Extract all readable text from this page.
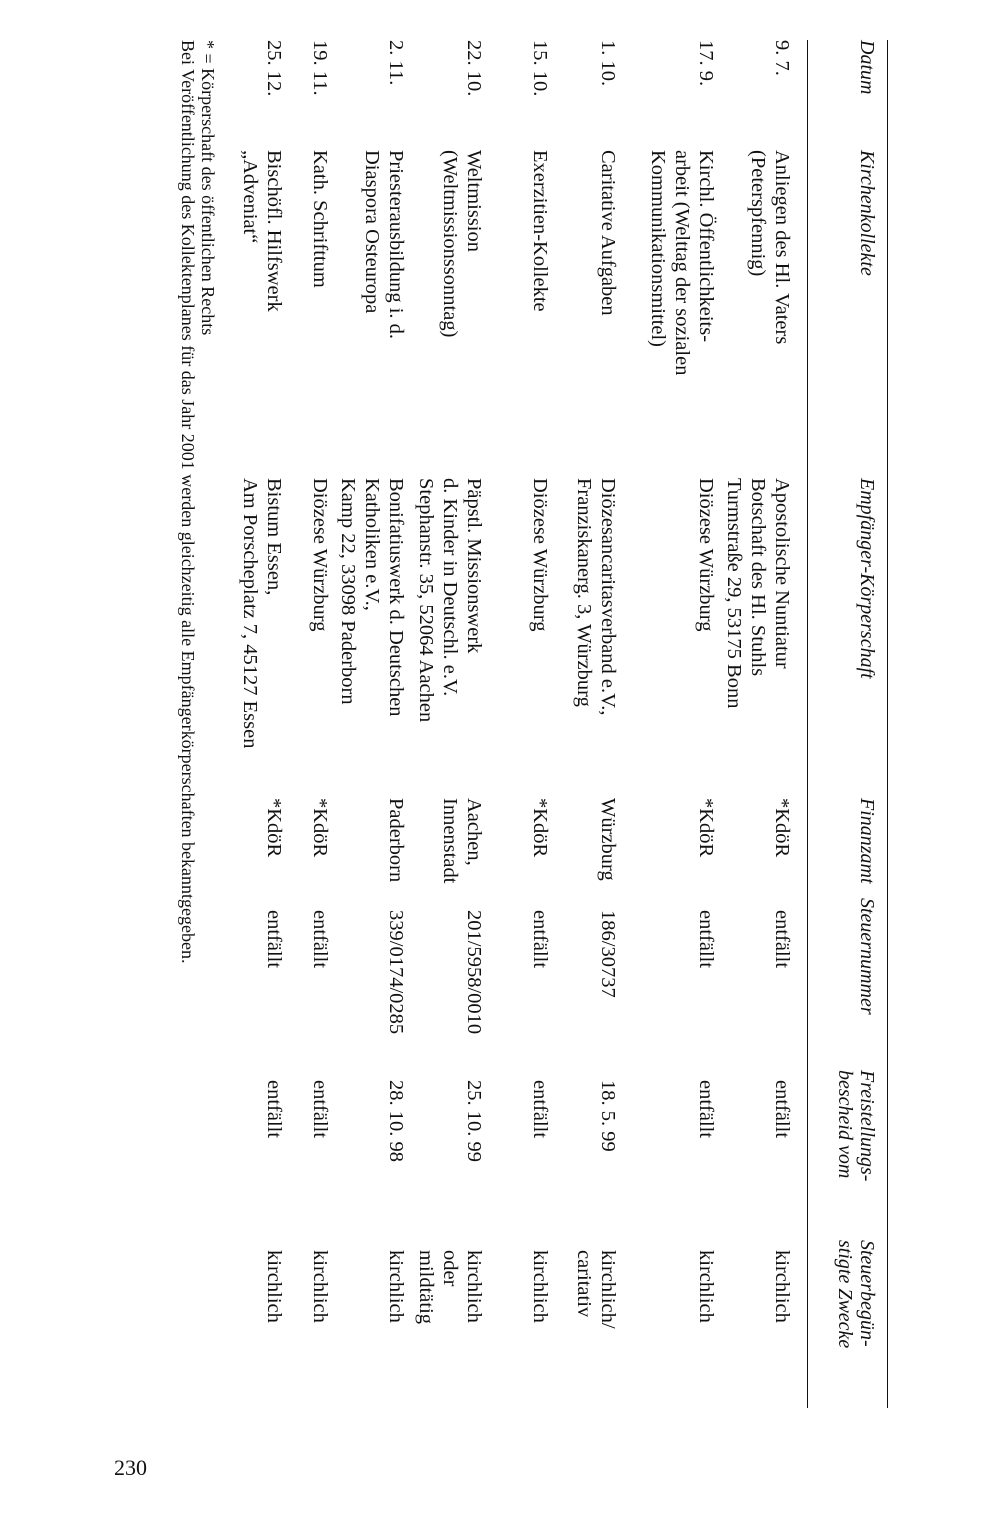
Datum
Kirchenkollekte
Empfänger-Körperschaft
Finanzamt
Steuernummer
Freistellungs-
bescheid vom
Steuerbegün-
stigte Zwecke
9. 7.
Anliegen des Hl. Vaters
(Peterspfennig)
Apostolische Nuntiatur
Botschaft des Hl. Stuhls
Turmstraße 29, 53175 Bonn
*KdöR
entfällt
entfällt
kirchlich
17. 9.
Kirchl. Öffentlichkeits-
arbeit (Welttag der sozialen
Kommunikationsmittel)
Diözese Würzburg
*KdöR
entfällt
entfällt
kirchlich
1. 10.
Caritative Aufgaben
Diözesancaritasverband e.V.,
Franziskanerg. 3, Würzburg
Würzburg
186/30737
18. 5. 99
kirchlich/
caritativ
15. 10.
Exerzitien-Kollekte
Diözese Würzburg
*KdöR
entfällt
entfällt
kirchlich
22. 10.
Weltmission
(Weltmissionssonntag)
Päpstl. Missionswerk
d. Kinder in Deutschl. e.V.
Stephanstr. 35, 52064 Aachen
Aachen,
Innenstadt
201/5958/0010
25. 10. 99
kirchlich
oder
mildtätig
2. 11.
Priesterausbildung i. d.
Diaspora Osteuropa
Bonifatiuswerk d. Deutschen
Katholiken e.V.,
Kamp 22, 33098 Paderborn
Paderborn
339/0174/0285
28. 10. 98
kirchlich
19. 11.
Kath. Schrifttum
Diözese Würzburg
*KdöR
entfällt
entfällt
kirchlich
25. 12.
Bischöfl. Hilfswerk
„Adveniat“
Bistum Essen,
Am Porscheplatz 7, 45127 Essen
*KdöR
entfällt
entfällt
kirchlich
* = Körperschaft des öffentlichen Rechts
Bei Veröffentlichung des Kollektenplanes für das Jahr 2001 werden gleichzeitig alle Empfängerkörperschaften bekanntgegeben.
230
